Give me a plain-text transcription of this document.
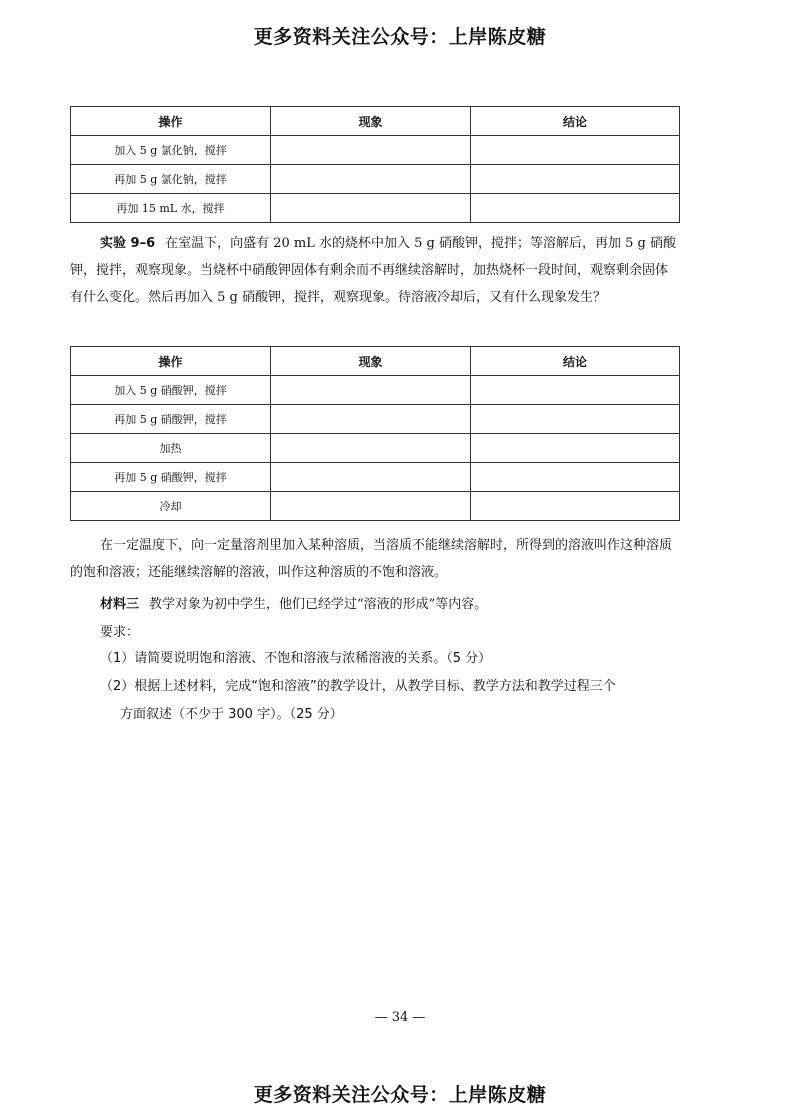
更多资料关注公众号：上岸陈皮糖
操作	现象	结论
加入 5 g 氯化钠，搅拌		
再加 5 g 氯化钠，搅拌		
再加 15 mL 水，搅拌		

实验 9–6 在室温下，向盛有 20 mL 水的烧杯中加入 5 g 硝酸钾，搅拌；等溶解后，再加 5 g 硝酸钾，搅拌，观察现象。当烧杯中硝酸钾固体有剩余而不再继续溶解时，加热烧杯一段时间，观察剩余固体有什么变化。然后再加入 5 g 硝酸钾，搅拌，观察现象。待溶液冷却后，又有什么现象发生？

操作	现象	结论
加入 5 g 硝酸钾，搅拌		
再加 5 g 硝酸钾，搅拌		
加热		
再加 5 g 硝酸钾，搅拌		
冷却		

在一定温度下，向一定量溶剂里加入某种溶质，当溶质不能继续溶解时，所得到的溶液叫作这种溶质的饱和溶液；还能继续溶解的溶液，叫作这种溶质的不饱和溶液。

材料三 教学对象为初中学生，他们已经学过“溶液的形成”等内容。

要求：
（1）请简要说明饱和溶液、不饱和溶液与浓稀溶液的关系。（5 分）
（2）根据上述材料，完成“饱和溶液”的教学设计，从教学目标、教学方法和教学过程三个
方面叙述（不少于 300 字）。（25 分）
— 34 —
更多资料关注公众号：上岸陈皮糖
